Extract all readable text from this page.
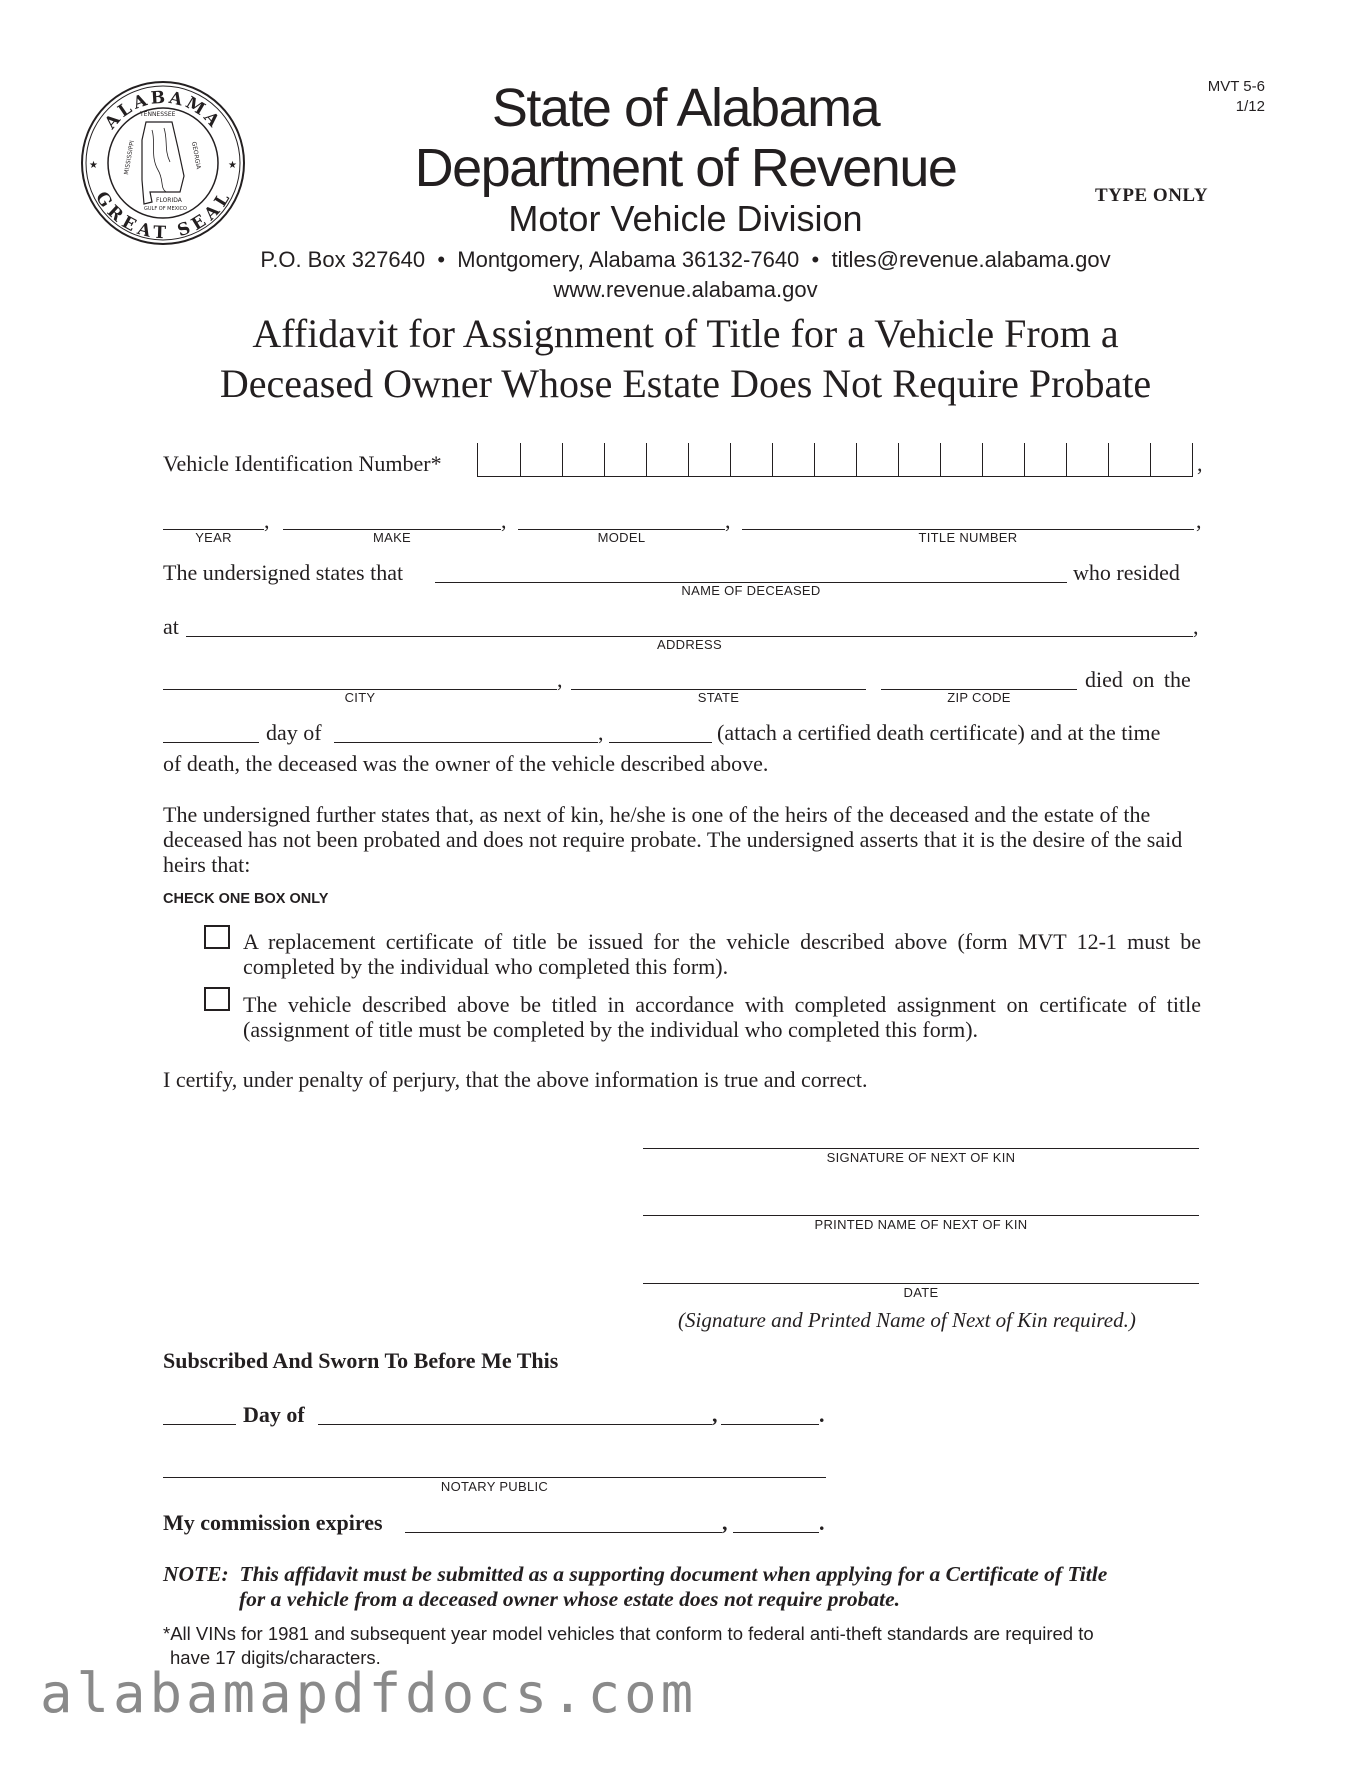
MVT 5-6
1/12
TYPE ONLY
ALABAMA
GREAT SEAL
★	★
TENNESSEE
MISSISSIPPI	GEORGIA
FLORIDA
GULF OF MEXICO
State of Alabama
Department of Revenue
Motor Vehicle Division
P.O. Box 327640  •  Montgomery, Alabama 36132-7640  •  titles@revenue.alabama.gov
www.revenue.alabama.gov
Affidavit for Assignment of Title for a Vehicle From a
Deceased Owner Whose Estate Does Not Require Probate
Vehicle Identification Number*	,
,	,	,	,
YEAR	MAKE	MODEL	TITLE NUMBER
The undersigned states that	who resided
NAME OF DECEASED
at	,
ADDRESS
,	died on the
CITY	STATE	ZIP CODE
day of	,	(attach a certified death certificate) and at the time
of death, the deceased was the owner of the vehicle described above.
The undersigned further states that, as next of kin, he/she is one of the heirs of the deceased and the estate of the deceased has not been probated and does not require probate. The undersigned asserts that it is the desire of the said heirs that:
CHECK ONE BOX ONLY
A replacement certificate of title be issued for the vehicle described above (form MVT 12-1 must be completed by the individual who completed this form).
The vehicle described above be titled in accordance with completed assignment on certificate of title (assignment of title must be completed by the individual who completed this form).
I certify, under penalty of perjury, that the above information is true and correct.
SIGNATURE OF NEXT OF KIN
PRINTED NAME OF NEXT OF KIN
DATE
(Signature and Printed Name of Next of Kin required.)
Subscribed And Sworn To Before Me This
Day of	,	.
NOTARY PUBLIC
My commission expires	,	.
NOTE: This affidavit must be submitted as a supporting document when applying for a Certificate of Title
for a vehicle from a deceased owner whose estate does not require probate.
*All VINs for 1981 and subsequent year model vehicles that conform to federal anti-theft standards are required to
have 17 digits/characters.
alabamapdfdocs.com
